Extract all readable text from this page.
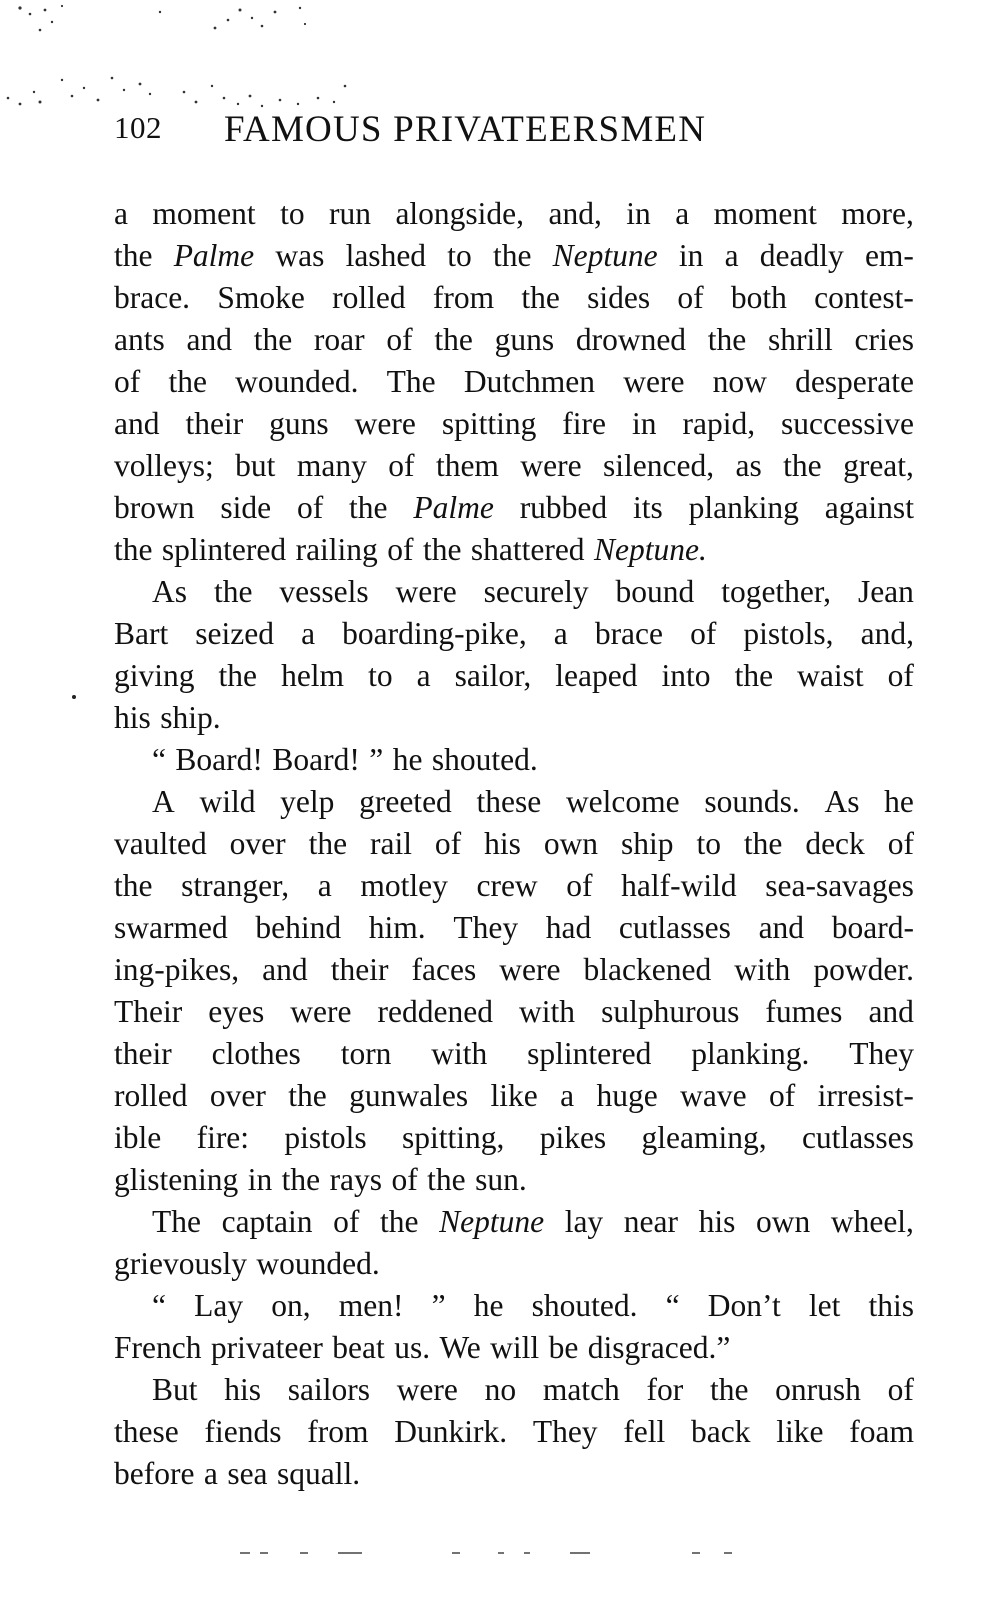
102 FAMOUS PRIVATEERSMEN
a moment to run alongside, and, in a moment more,
the Palme was lashed to the Neptune in a deadly em-
brace. Smoke rolled from the sides of both contest-
ants and the roar of the guns drowned the shrill cries
of the wounded. The Dutchmen were now desperate
and their guns were spitting fire in rapid, successive
volleys; but many of them were silenced, as the great,
brown side of the Palme rubbed its planking against
the splintered railing of the shattered Neptune.
As the vessels were securely bound together, Jean
Bart seized a boarding-pike, a brace of pistols, and,
giving the helm to a sailor, leaped into the waist of
his ship.
“ Board! Board! ” he shouted.
A wild yelp greeted these welcome sounds. As he
vaulted over the rail of his own ship to the deck of
the stranger, a motley crew of half-wild sea-savages
swarmed behind him. They had cutlasses and board-
ing-pikes, and their faces were blackened with powder.
Their eyes were reddened with sulphurous fumes and
their clothes torn with splintered planking. They
rolled over the gunwales like a huge wave of irresist-
ible fire: pistols spitting, pikes gleaming, cutlasses
glistening in the rays of the sun.
The captain of the Neptune lay near his own wheel,
grievously wounded.
“ Lay on, men! ” he shouted. “ Don’t let this
French privateer beat us. We will be disgraced.”
But his sailors were no match for the onrush of
these fiends from Dunkirk. They fell back like foam
before a sea squall.
